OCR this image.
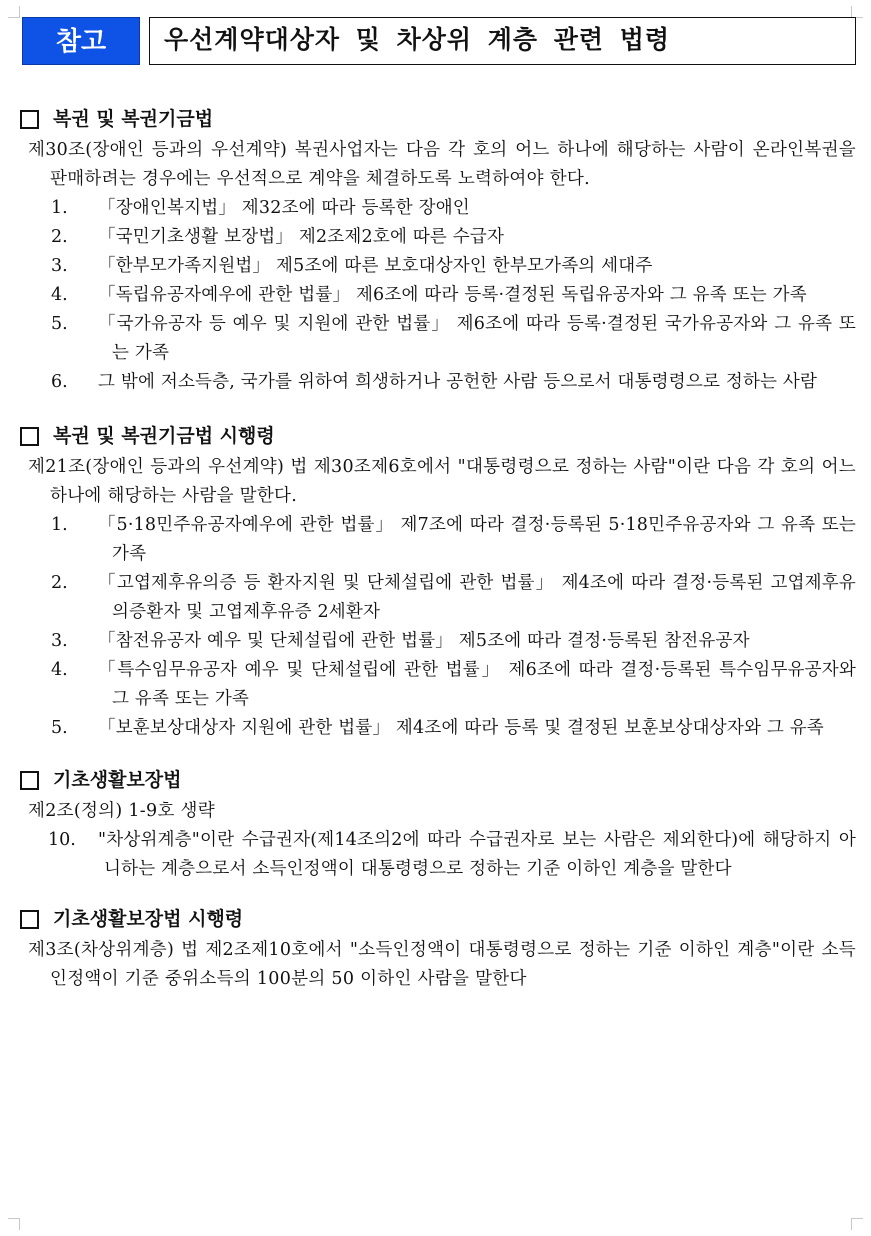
참고	우선계약대상자 및 차상위 계층 관련 법령
복권 및 복권기금법

제30조(장애인 등과의 우선계약) 복권사업자는 다음 각 호의 어느 하나에 해당하는 사람이 온라인복권을 판매하려는 경우에는 우선적으로 계약을 체결하도록 노력하여야 한다.

1.	「장애인복지법」 제32조에 따라 등록한 장애인
2.	「국민기초생활 보장법」 제2조제2호에 따른 수급자
3.	「한부모가족지원법」 제5조에 따른 보호대상자인 한부모가족의 세대주
4.	「독립유공자예우에 관한 법률」 제6조에 따라 등록·결정된 독립유공자와 그 유족 또는 가족
5.	「국가유공자 등 예우 및 지원에 관한 법률」 제6조에 따라 등록·결정된 국가유공자와 그 유족 또는 가족
6.	그 밖에 저소득층, 국가를 위하여 희생하거나 공헌한 사람 등으로서 대통령령으로 정하는 사람
복권 및 복권기금법 시행령

제21조(장애인 등과의 우선계약) 법 제30조제6호에서 "대통령령으로 정하는 사람"이란 다음 각 호의 어느 하나에 해당하는 사람을 말한다.

1.	「5·18민주유공자예우에 관한 법률」 제7조에 따라 결정·등록된 5·18민주유공자와 그 유족 또는 가족
2.	「고엽제후유의증 등 환자지원 및 단체설립에 관한 법률」 제4조에 따라 결정·등록된 고엽제후유의증환자 및 고엽제후유증 2세환자
3.	「참전유공자 예우 및 단체설립에 관한 법률」 제5조에 따라 결정·등록된 참전유공자
4.	「특수임무유공자 예우 및 단체설립에 관한 법률」 제6조에 따라 결정·등록된 특수임무유공자와 그 유족 또는 가족
5.	「보훈보상대상자 지원에 관한 법률」 제4조에 따라 등록 및 결정된 보훈보상대상자와 그 유족
기초생활보장법

제2조(정의) 1-9호 생략

10.	"차상위계층"이란 수급권자(제14조의2에 따라 수급권자로 보는 사람은 제외한다)에 해당하지 아니하는 계층으로서 소득인정액이 대통령령으로 정하는 기준 이하인 계층을 말한다
기초생활보장법 시행령

제3조(차상위계층) 법 제2조제10호에서 "소득인정액이 대통령령으로 정하는 기준 이하인 계층"이란 소득인정액이 기준 중위소득의 100분의 50 이하인 사람을 말한다
